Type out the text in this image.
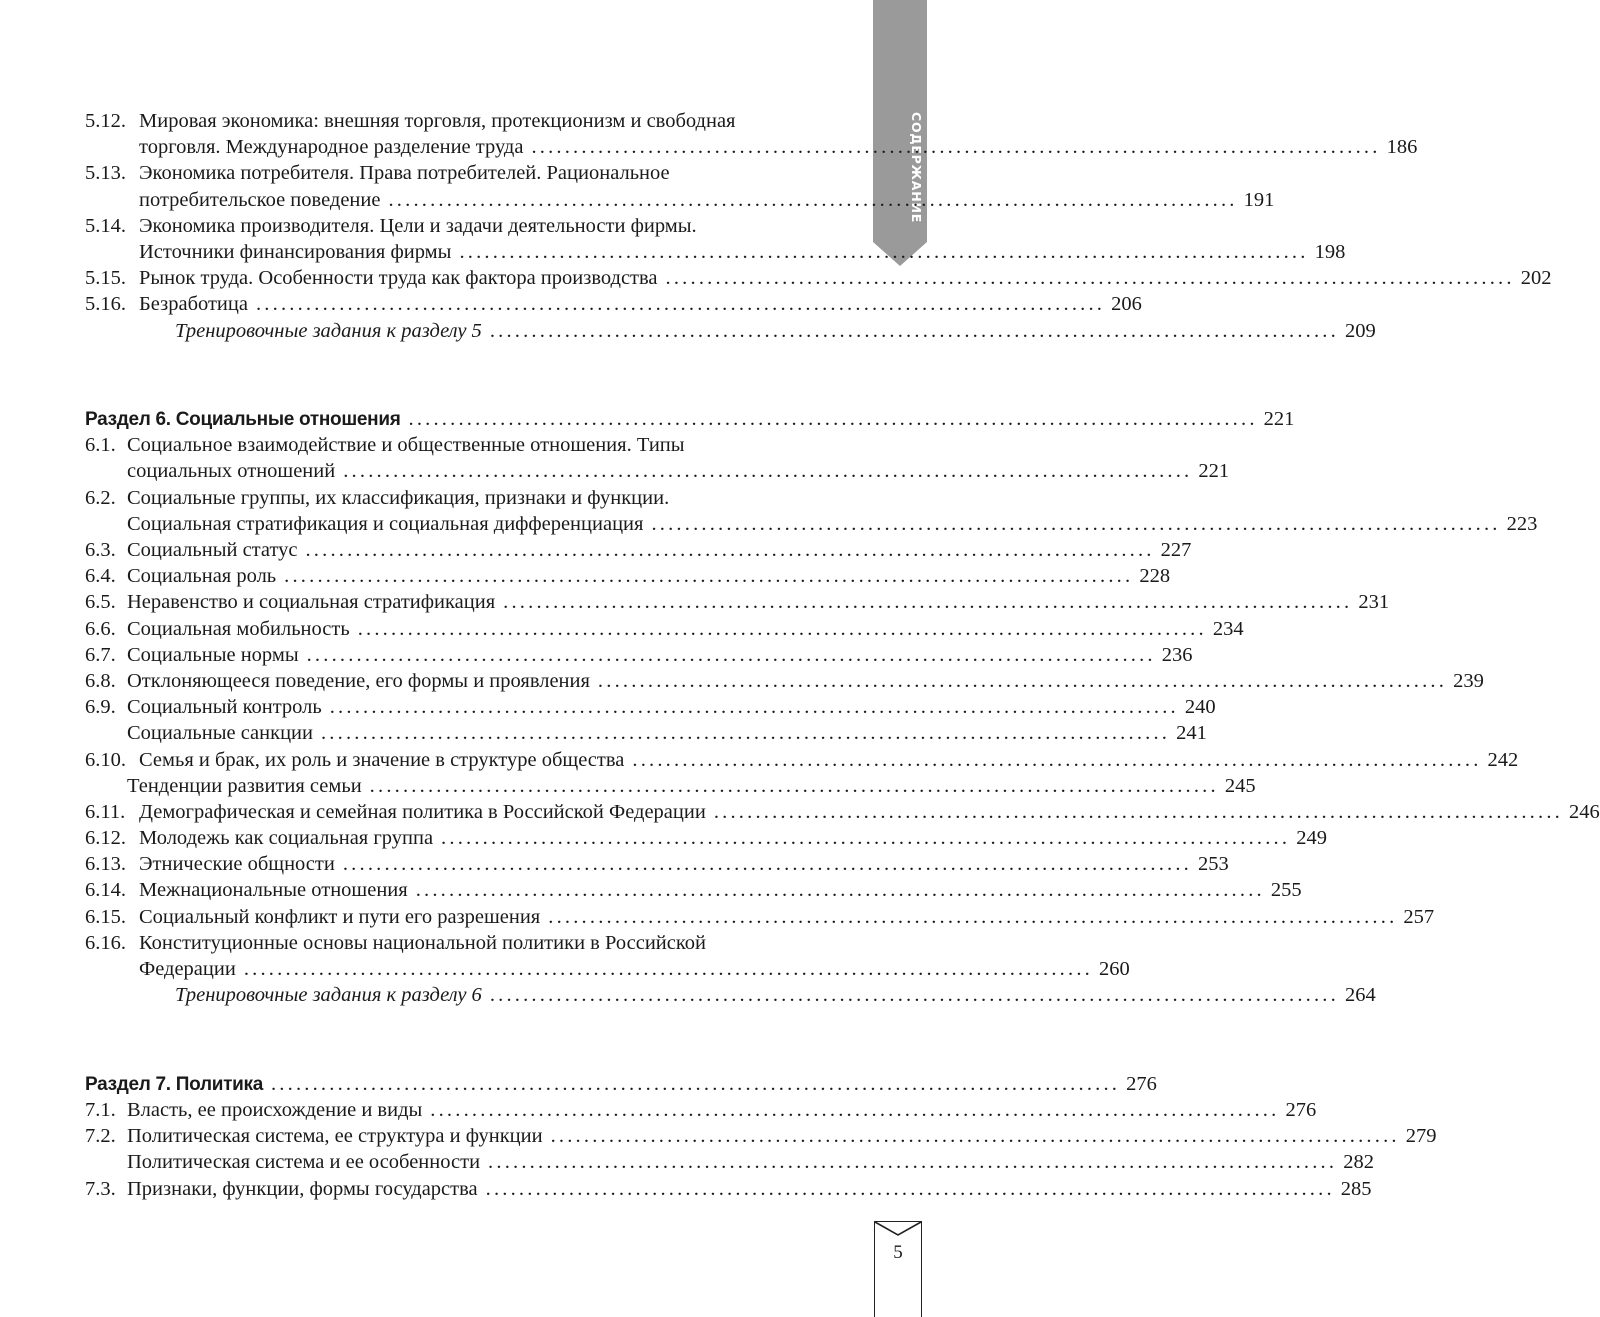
СОДЕРЖАНИЕ
5.12. Мировая экономика: внешняя торговля, протекционизм и свободная
торговля. Международное разделение труда ...................................................................................................... 186
5.13. Экономика потребителя. Права потребителей. Рациональное
потребительское поведение ...................................................................................................... 191
5.14. Экономика производителя. Цели и задачи деятельности фирмы.
Источники финансирования фирмы ...................................................................................................... 198
5.15. Рынок труда. Особенности труда как фактора производства ...................................................................................................... 202
5.16. Безработица ...................................................................................................... 206
Тренировочные задания к разделу 5 ...................................................................................................... 209
Раздел 6. Социальные отношения ...................................................................................................... 221
6.1. Социальное взаимодействие и общественные отношения. Типы
социальных отношений ...................................................................................................... 221
6.2. Социальные группы, их классификация, признаки и функции.
Социальная стратификация и социальная дифференциация ...................................................................................................... 223
6.3. Социальный статус ...................................................................................................... 227
6.4. Социальная роль ...................................................................................................... 228
6.5. Неравенство и социальная стратификация ...................................................................................................... 231
6.6. Социальная мобильность ...................................................................................................... 234
6.7. Социальные нормы ...................................................................................................... 236
6.8. Отклоняющееся поведение, его формы и проявления ...................................................................................................... 239
6.9. Социальный контроль ...................................................................................................... 240
Социальные санкции ...................................................................................................... 241
6.10. Семья и брак, их роль и значение в структуре общества ...................................................................................................... 242
Тенденции развития семьи ...................................................................................................... 245
6.11. Демографическая и семейная политика в Российской Федерации ...................................................................................................... 246
6.12. Молодежь как социальная группа ...................................................................................................... 249
6.13. Этнические общности ...................................................................................................... 253
6.14. Межнациональные отношения ...................................................................................................... 255
6.15. Социальный конфликт и пути его разрешения ...................................................................................................... 257
6.16. Конституционные основы национальной политики в Российской
Федерации ...................................................................................................... 260
Тренировочные задания к разделу 6 ...................................................................................................... 264
Раздел 7. Политика ...................................................................................................... 276
7.1. Власть, ее происхождение и виды ...................................................................................................... 276
7.2. Политическая система, ее структура и функции ...................................................................................................... 279
Политическая система и ее особенности ...................................................................................................... 282
7.3. Признаки, функции, формы государства ...................................................................................................... 285
5
